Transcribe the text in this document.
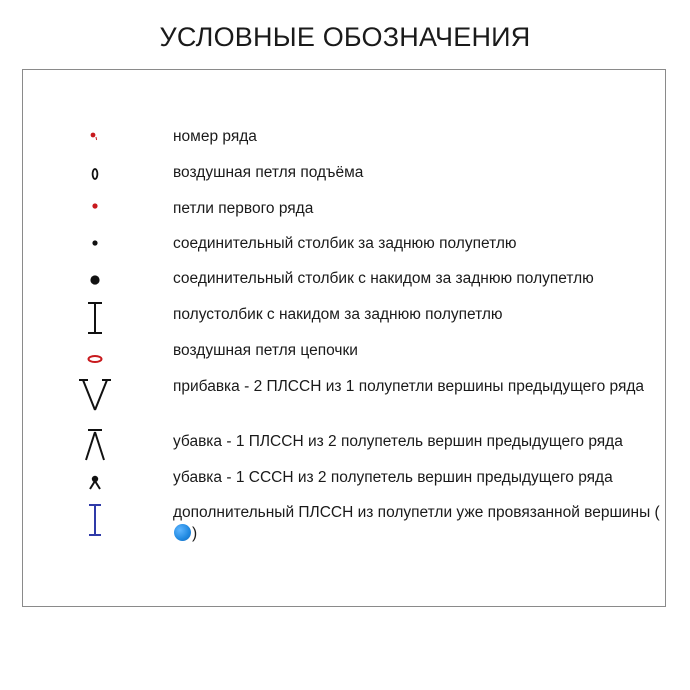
УСЛОВНЫЕ ОБОЗНАЧЕНИЯ
номер ряда
воздушная петля подъёма
петли первого ряда
соединительный столбик за заднюю полупетлю
соединительный столбик с накидом за заднюю полупетлю
полустолбик с накидом за заднюю полупетлю
воздушная петля цепочки
прибавка - 2 ПЛССН из 1 полупетли вершины предыдущего ряда
убавка - 1 ПЛССН из 2 полупетель вершин предыдущего ряда
убавка - 1 СССН из 2 полупетель вершин предыдущего ряда
дополнительный ПЛССН из полупетли уже провязанной вершины ()
